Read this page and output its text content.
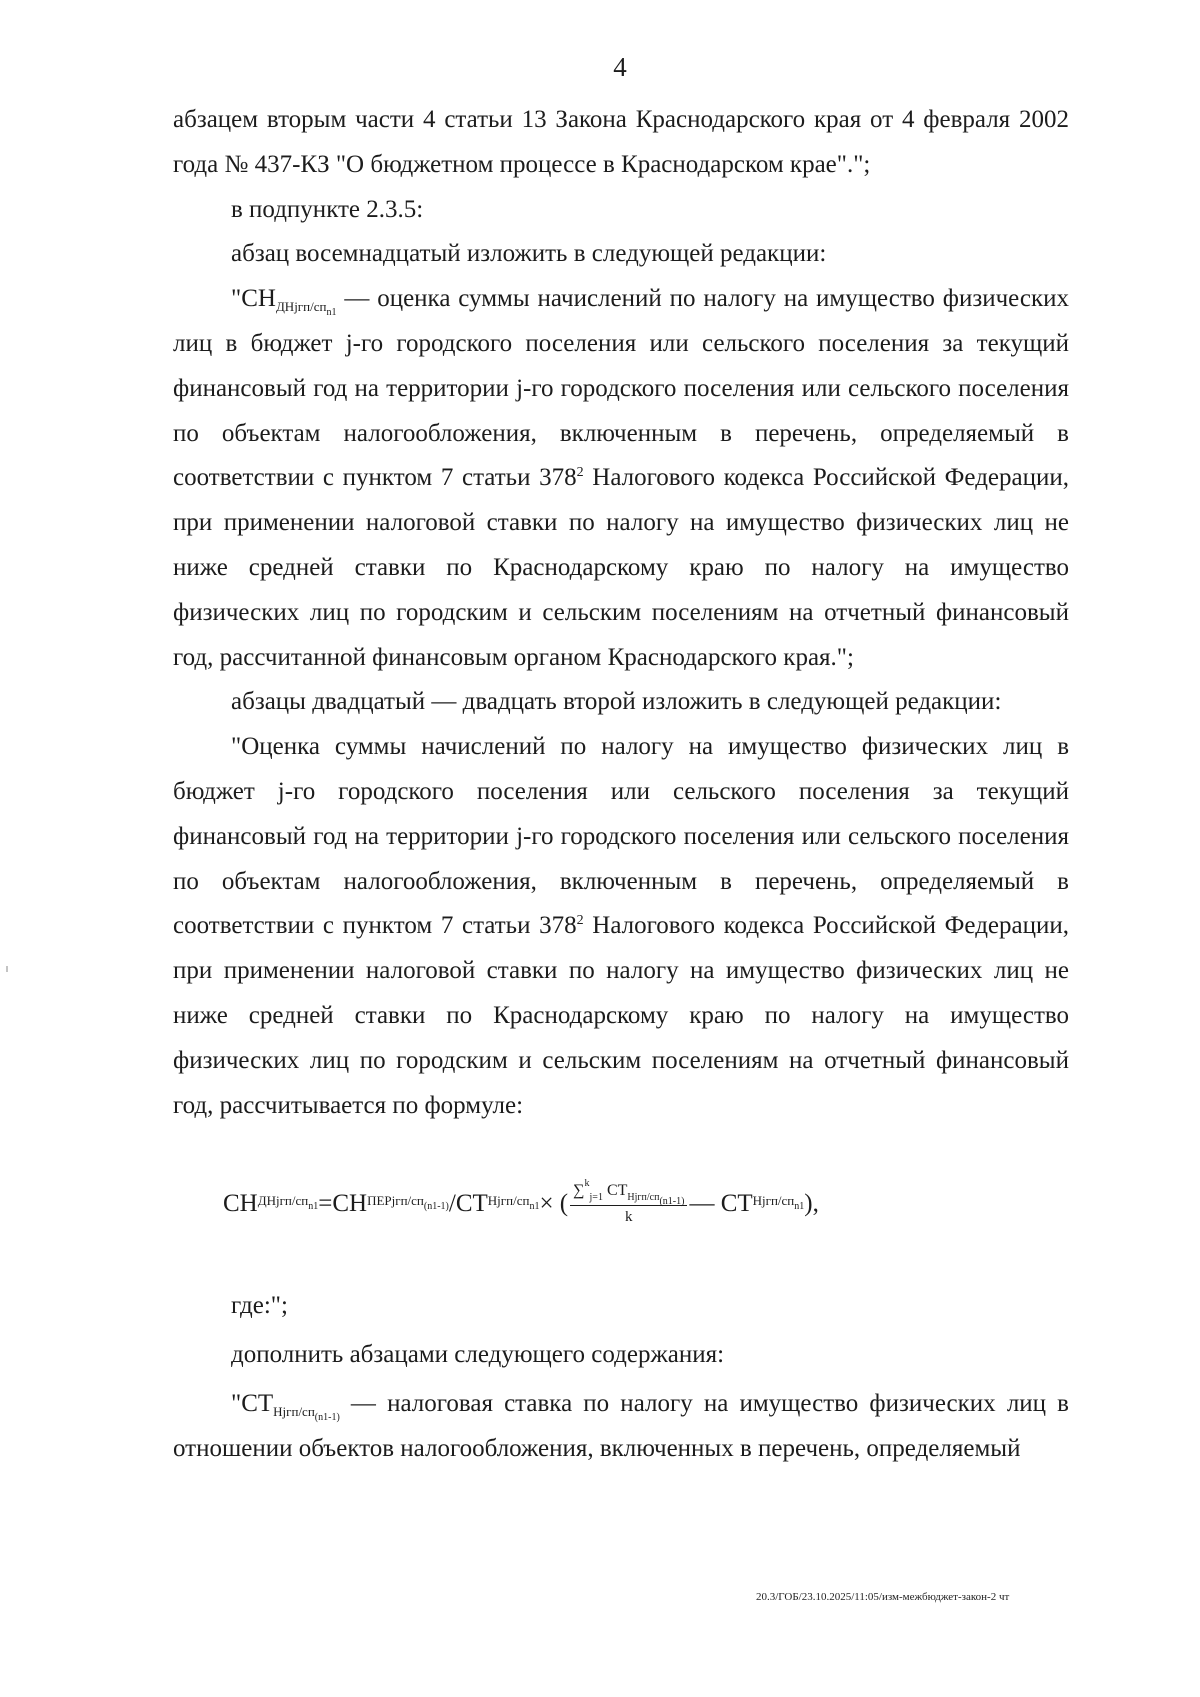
4

абзацем вторым части 4 статьи 13 Закона Краснодарского края от 4 февраля 2002 года № 437-КЗ "О бюджетном процессе в Краснодарском крае".";

в подпункте 2.3.5:

абзац восемнадцатый изложить в следующей редакции:

"$СН_{ДНjгп/сп_{n1}}$ — оценка суммы начислений по налогу на имущество физических лиц в бюджет j-го городского поселения или сельского поселения за текущий финансовый год на территории j-го городского поселения или сельского поселения по объектам налогообложения, включенным в перечень, определяемый в соответствии с пунктом 7 статьи $378^2$ Налогового кодекса Российской Федерации, при применении налоговой ставки по налогу на имущество физических лиц не ниже средней ставки по Краснодарскому краю по налогу на имущество физических лиц по городским и сельским поселениям на отчетный финансовый год, рассчитанной финансовым органом Краснодарского края.";

абзацы двадцатый — двадцать второй изложить в следующей редакции:

"Оценка суммы начислений по налогу на имущество физических лиц в бюджет j-го городского поселения или сельского поселения за текущий финансовый год на территории j-го городского поселения или сельского поселения по объектам налогообложения, включенным в перечень, определяемый в соответствии с пунктом 7 статьи $378^2$ Налогового кодекса Российской Федерации, при применении налоговой ставки по налогу на имущество физических лиц не ниже средней ставки по Краснодарскому краю по налогу на имущество физических лиц по городским и сельским поселениям на отчетный финансовый год, рассчитывается по формуле:

СН ДНjгп/$сп_{n1}$ = СН ПЕРjгп/$сп_{(n1-1)}$ / СТ Нjгп/$сп_{n1}$ × ( $\frac{\sum^k_{j=1} СТ_{Нjгп/сп_{(n1-1)}}}{k}$ — СТ Нjгп/$сп_{n1}$ ),

где:";

дополнить абзацами следующего содержания:

"$СТ_{Нjгп/сп_{(n1-1)}}$ — налоговая ставка по налогу на имущество физических лиц в отношении объектов налогообложения, включенных в перечень, определяемый

20.3/ГОБ/23.10.2025/11:05/изм-межбюджет-закон-2 чт
